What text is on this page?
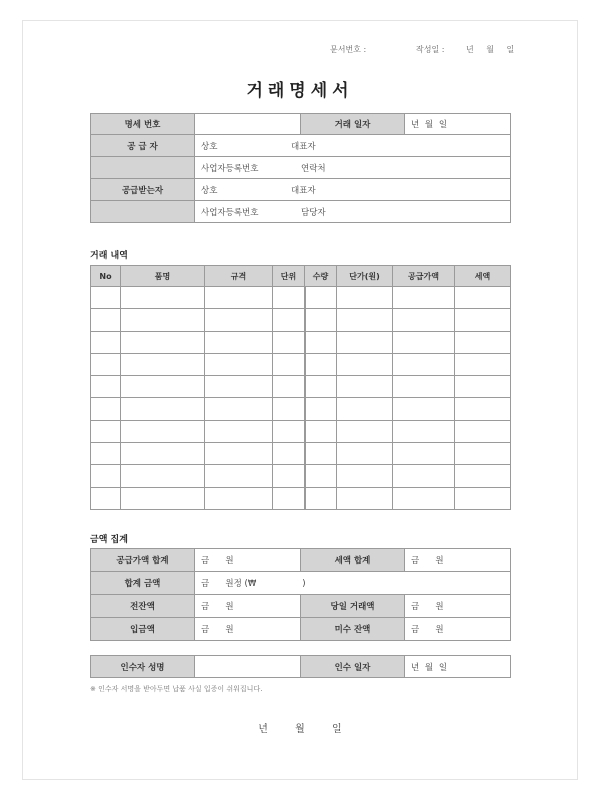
문서번호 :	작성일 :	년 월 일
거래명세서
명세 번호		거래 일자	년 월 일
공 급 자	상호 대표자		
	사업자등록번호 연락처		
공급받는자	상호 대표자		
	사업자등록번호 담당자		
거래 내역
No	품명	규격	단위	수량	단가(원)	공급가액	세액

금액 집계
공급가액 합계	금      원	세액 합계	금      원
합계 금액	금      원정 (₩                 )		
전잔액	금      원	당일 거래액	금      원
입금액	금      원	미수 잔액	금      원
인수자 성명		인수 일자	년 월 일
※ 인수자 서명을 받아두면 납품 사실 입증이 쉬워집니다.
년	월	일
